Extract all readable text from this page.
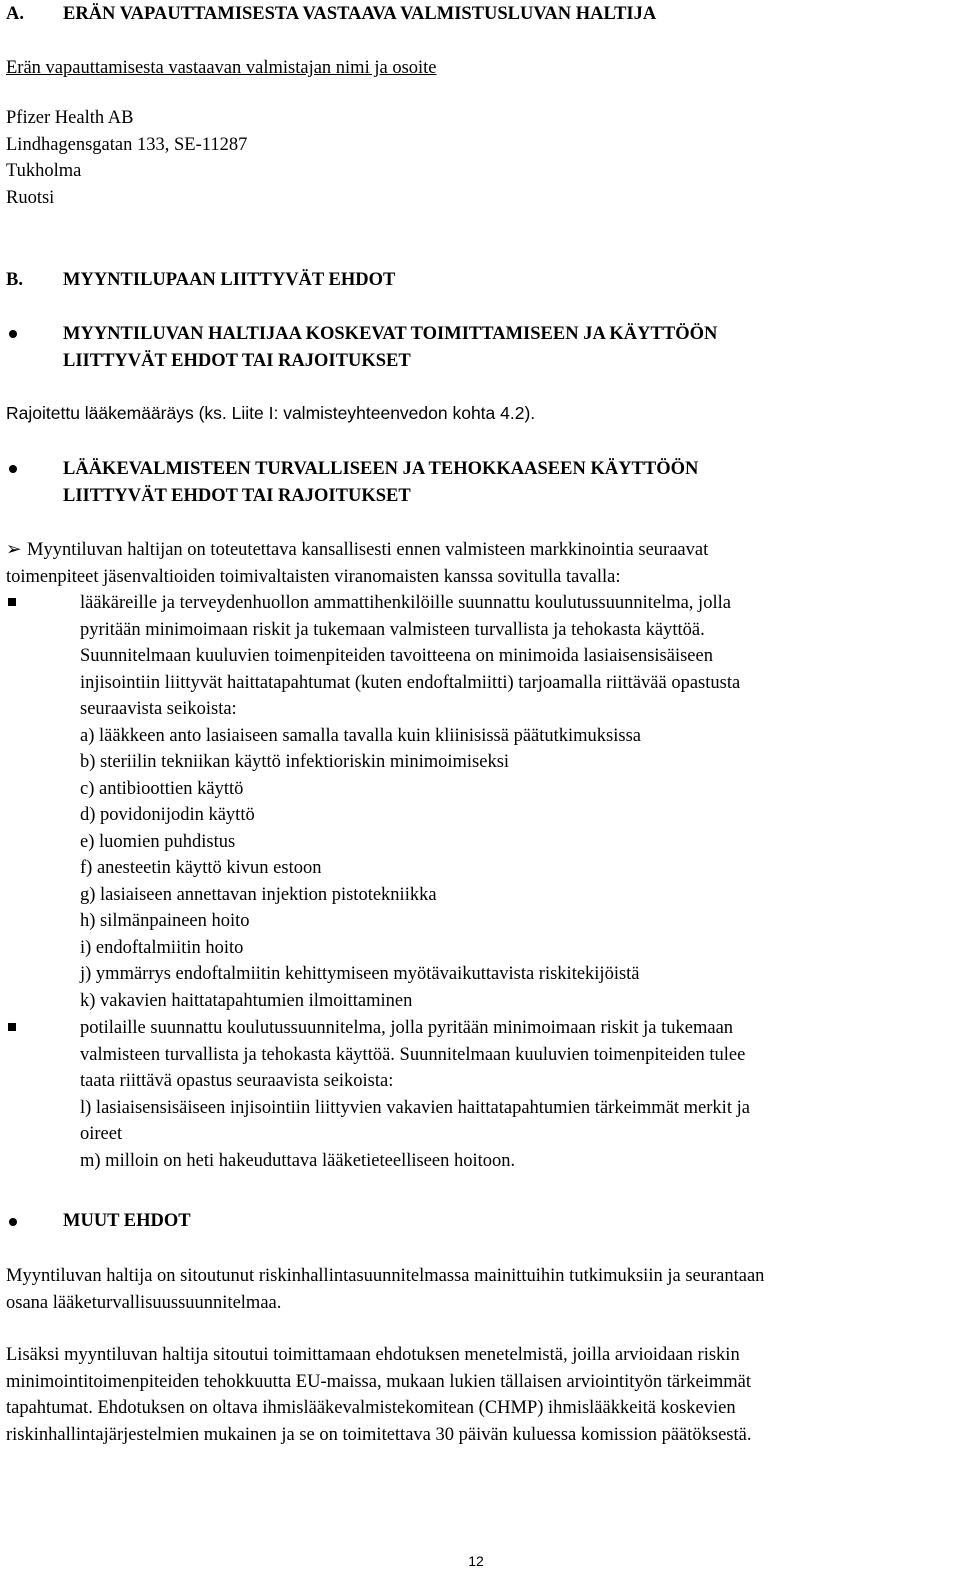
A. ERÄN VAPAUTTAMISESTA VASTAAVA VALMISTUSLUVAN HALTIJA
Erän vapauttamisesta vastaavan valmistajan nimi ja osoite
Pfizer Health AB
Lindhagensgatan 133, SE-11287
Tukholma
Ruotsi
B. MYYNTILUPAAN LIITTYVÄT EHDOT
MYYNTILUVAN HALTIJAA KOSKEVAT TOIMITTAMISEEN JA KÄYTTÖÖN
LIITTYVÄT EHDOT TAI RAJOITUKSET
Rajoitettu lääkemääräys (ks. Liite I: valmisteyhteenvedon kohta 4.2).
LÄÄKEVALMISTEEN TURVALLISEEN JA TEHOKKAASEEN KÄYTTÖÖN
LIITTYVÄT EHDOT TAI RAJOITUKSET
➢ Myyntiluvan haltijan on toteutettava kansallisesti ennen valmisteen markkinointia seuraavat
toimenpiteet jäsenvaltioiden toimivaltaisten viranomaisten kanssa sovitulla tavalla:
lääkäreille ja terveydenhuollon ammattihenkilöille suunnattu koulutussuunnitelma, jolla
pyritään minimoimaan riskit ja tukemaan valmisteen turvallista ja tehokasta käyttöä.
Suunnitelmaan kuuluvien toimenpiteiden tavoitteena on minimoida lasiaisensisäiseen
injisointiin liittyvät haittatapahtumat (kuten endoftalmiitti) tarjoamalla riittävää opastusta
seuraavista seikoista:
a) lääkkeen anto lasiaiseen samalla tavalla kuin kliinisissä päätutkimuksissa
b) steriilin tekniikan käyttö infektioriskin minimoimiseksi
c) antibioottien käyttö
d) povidonijodin käyttö
e) luomien puhdistus
f) anesteetin käyttö kivun estoon
g) lasiaiseen annettavan injektion pistotekniikka
h) silmänpaineen hoito
i) endoftalmiitin hoito
j) ymmärrys endoftalmiitin kehittymiseen myötävaikuttavista riskitekijöistä
k) vakavien haittatapahtumien ilmoittaminen
potilaille suunnattu koulutussuunnitelma, jolla pyritään minimoimaan riskit ja tukemaan
valmisteen turvallista ja tehokasta käyttöä. Suunnitelmaan kuuluvien toimenpiteiden tulee
taata riittävä opastus seuraavista seikoista:
l) lasiaisensisäiseen injisointiin liittyvien vakavien haittatapahtumien tärkeimmät merkit ja
oireet
m) milloin on heti hakeuduttava lääketieteelliseen hoitoon.
MUUT EHDOT
Myyntiluvan haltija on sitoutunut riskinhallintasuunnitelmassa mainittuihin tutkimuksiin ja seurantaan
osana lääketurvallisuussuunnitelmaa.
Lisäksi myyntiluvan haltija sitoutui toimittamaan ehdotuksen menetelmistä, joilla arvioidaan riskin
minimointitoimenpiteiden tehokkuutta EU-maissa, mukaan lukien tällaisen arviointityön tärkeimmät
tapahtumat. Ehdotuksen on oltava ihmislääkevalmistekomitean (CHMP) ihmislääkkeitä koskevien
riskinhallintajärjestelmien mukainen ja se on toimitettava 30 päivän kuluessa komission päätöksestä.
12
